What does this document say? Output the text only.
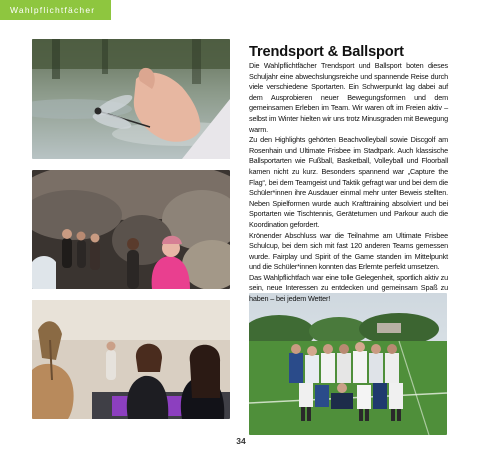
Wahlpflichtfächer
Trendsport & Ballsport

Die Wahlpflichtfächer Trendsport und Ballsport boten dieses Schuljahr eine abwechslungsreiche und spannende Reise durch viele verschiedene Sportarten. Ein Schwerpunkt lag dabei auf dem Ausprobieren neuer Bewegungsformen und dem gemeinsamen Erleben im Team. Wir waren oft im Freien aktiv – selbst im Winter hielten wir uns trotz Minusgraden mit Bewegung warm.

Zu den Highlights gehörten Beachvolleyball sowie Discgolf am Rosenhain und Ultimate Frisbee im Stadtpark. Auch klassische Ballsportarten wie Fußball, Basketball, Volleyball und Floorball kamen nicht zu kurz. Besonders spannend war „Capture the Flag“, bei dem Teamgeist und Taktik gefragt war und bei dem die Schüler*innen ihre Ausdauer einmal mehr unter Beweis stellten. Neben Spielformen wurde auch Krafttraining absolviert und bei Sportarten wie Tischtennis, Gerätetumen und Parkour auch die Koordination gefordert.

Krönender Abschluss war die Teilnahme am Ultimate Frisbee Schulcup, bei dem sich mit fast 120 anderen Teams gemessen wurde. Fairplay und Spirit of the Game standen im Mittelpunkt und die Schüler*innen konnten das Erlernte perfekt umsetzen.

Das Wahlpflichtfach war eine tolle Gelegenheit, sportlich aktiv zu sein, neue Interessen zu entdecken und gemeinsam Spaß zu haben – bei jedem Wetter!

34
